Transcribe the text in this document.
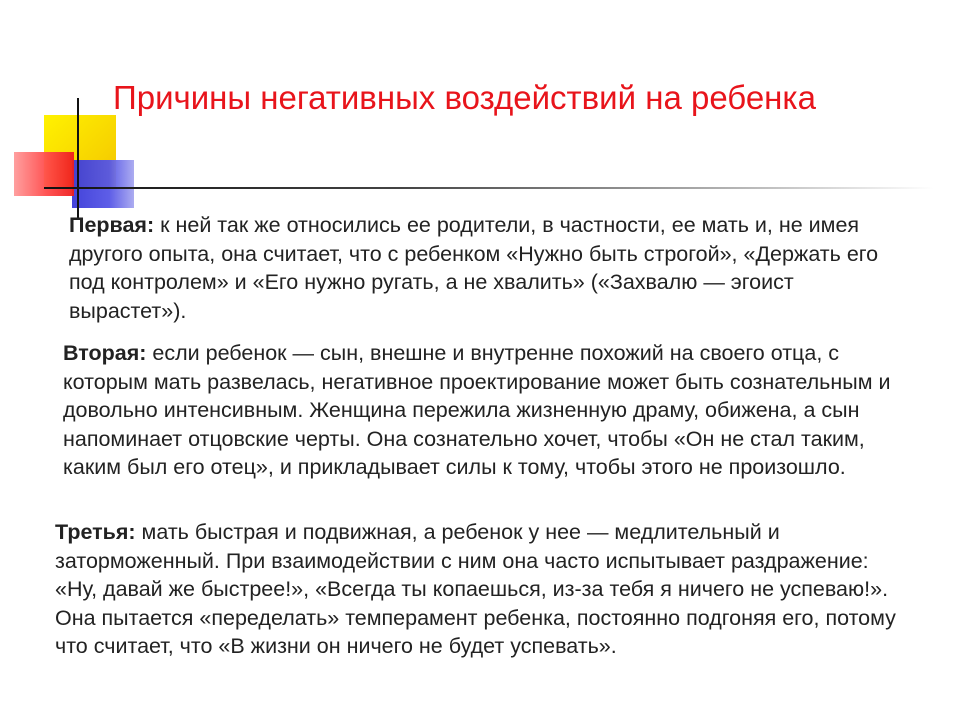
Причины негативных воздействий на ребенка

Первая: к ней так же относились ее родители, в частности, ее мать и, не имея другого опыта, она считает, что с ребенком «Нужно быть строгой», «Держать его под контролем» и «Его нужно ругать, а не хвалить» («Захвалю — эгоист вырастет»).

Вторая: если ребенок — сын, внешне и внутренне похожий на своего отца, с которым мать развелась, негативное проектирование может быть сознательным и довольно интенсивным. Женщина пережила жизненную драму, обижена, а сын напоминает отцовские черты. Она сознательно хочет, чтобы «Он не стал таким, каким был его отец», и прикладывает силы к тому, чтобы этого не произошло.

Третья: мать быстрая и подвижная, а ребенок у нее — медлительный и заторможенный. При взаимодействии с ним она часто испытывает раздражение: «Ну, давай же быстрее!», «Всегда ты копаешься, из-за тебя я ничего не успеваю!». Она пытается «переделать» темперамент ребенка, постоянно подгоняя его, потому что считает, что «В жизни он ничего не будет успевать».
